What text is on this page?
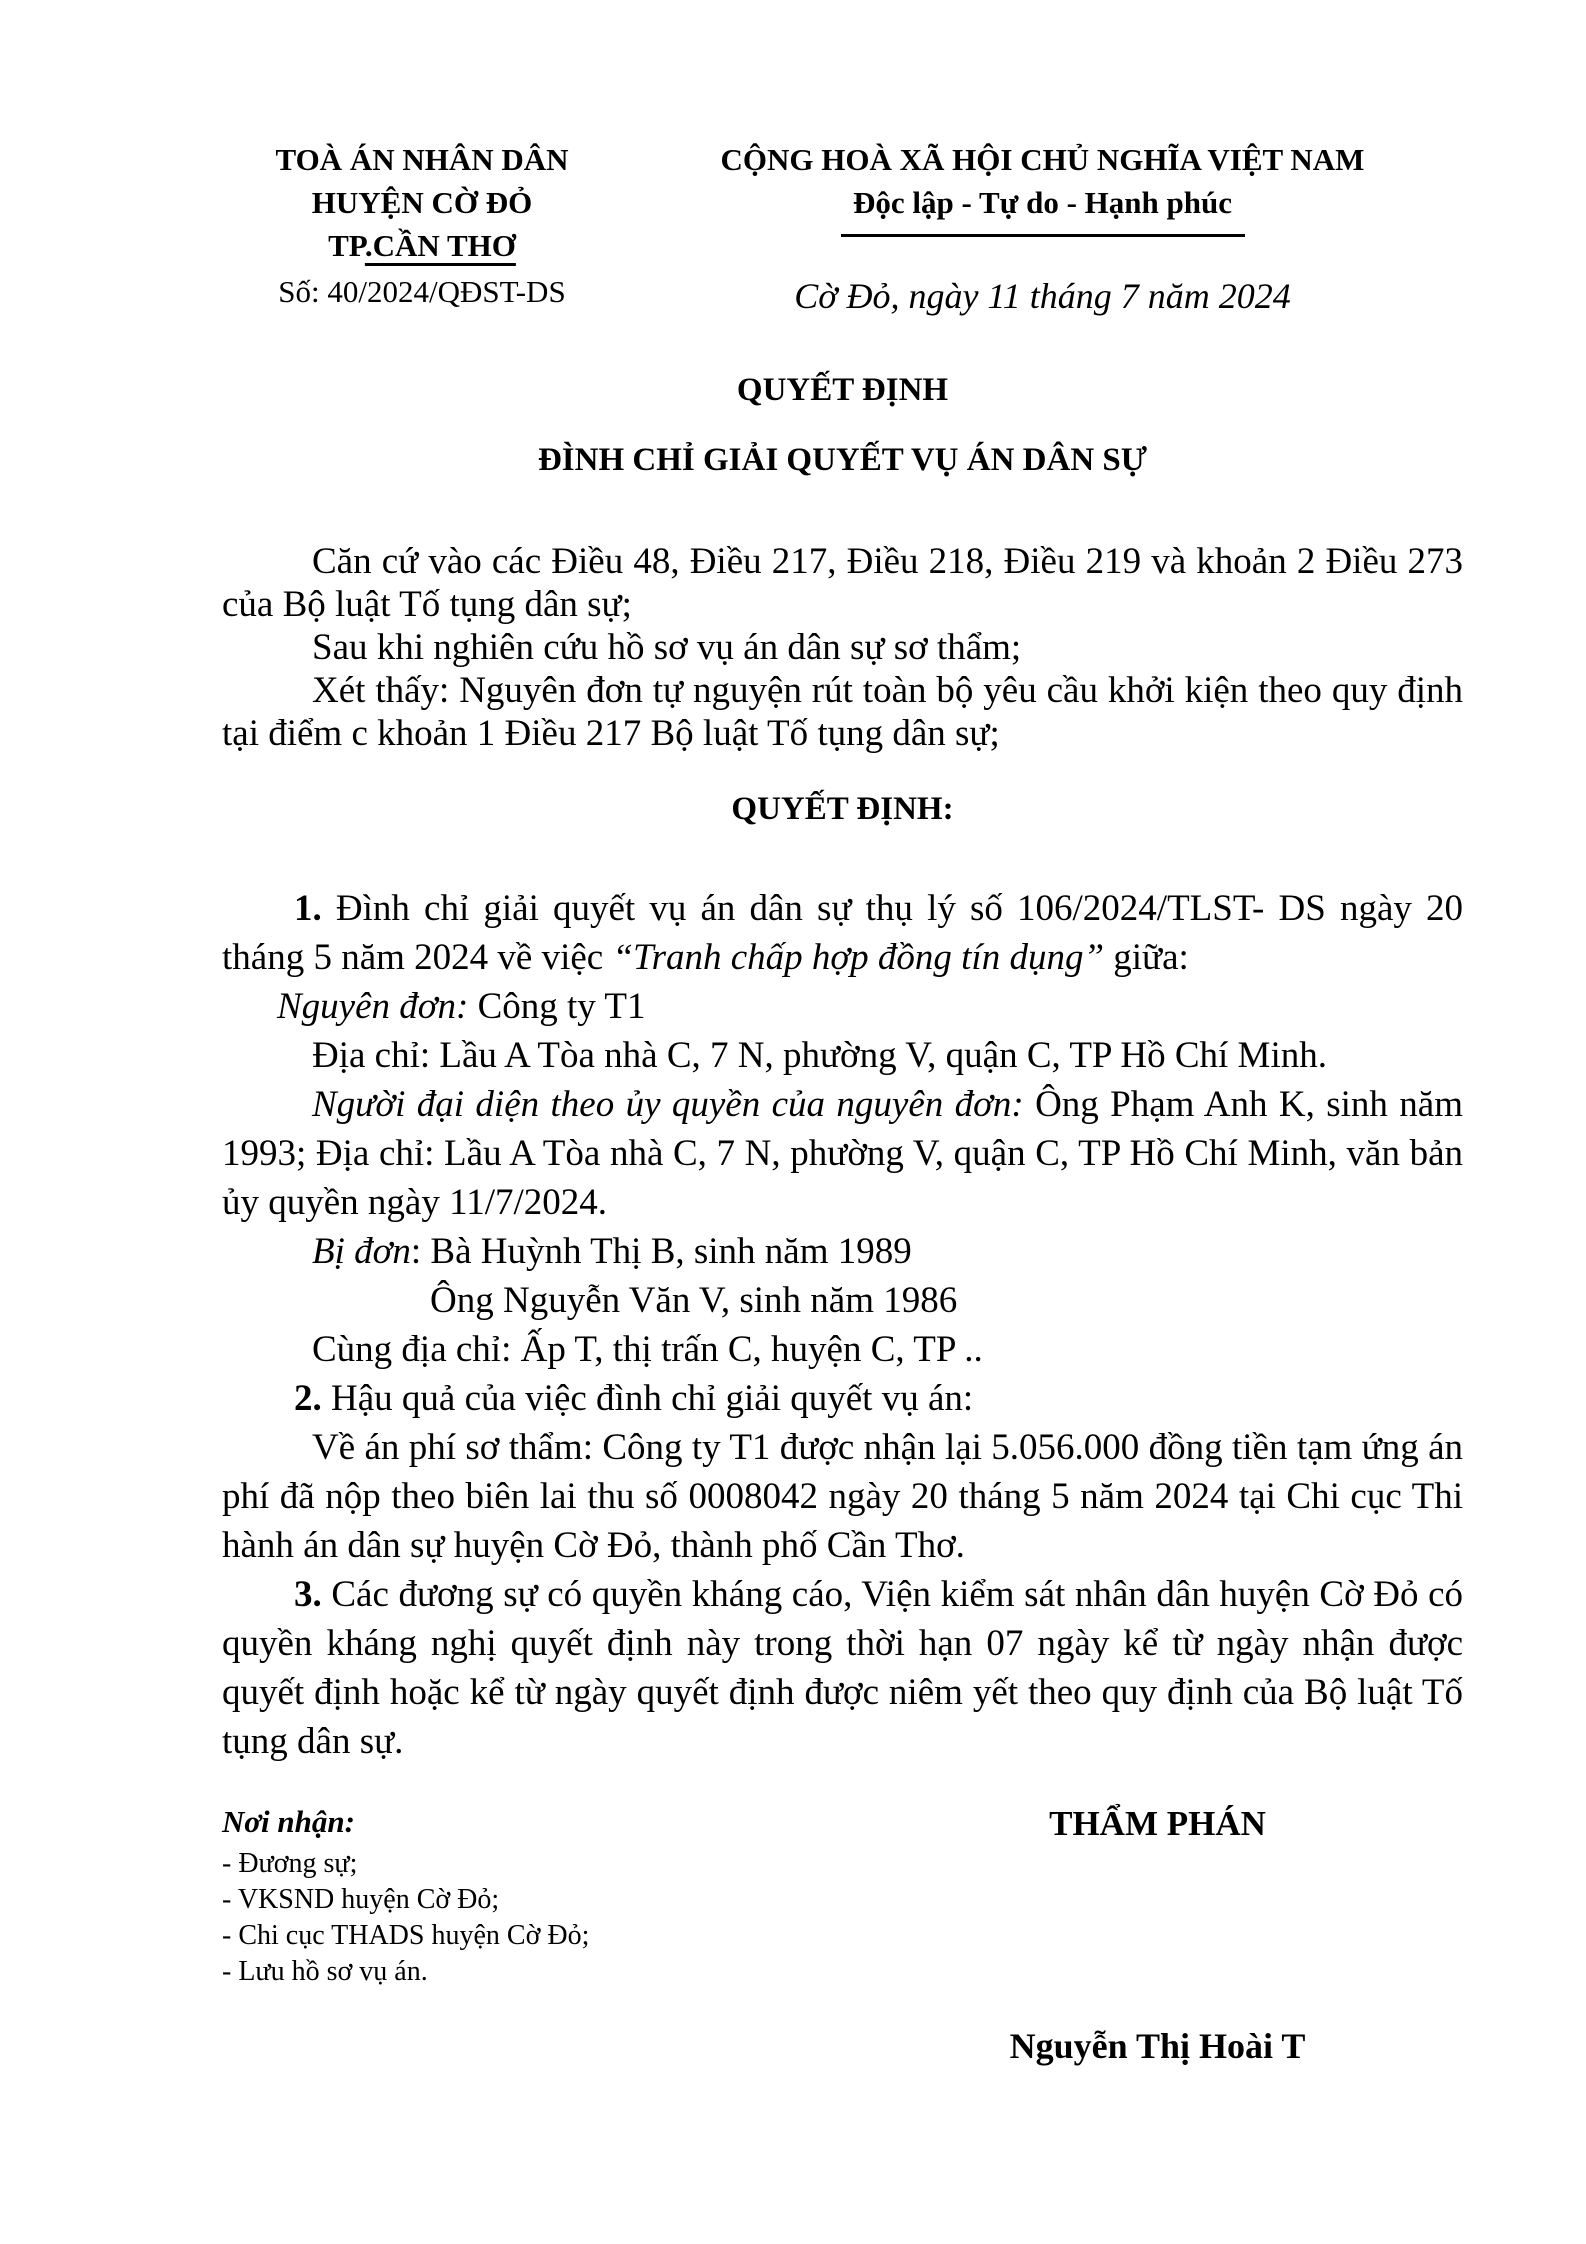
TOÀ ÁN NHÂN DÂN
HUYỆN CỜ ĐỎ
TP.CẦN THƠ
Số: 40/2024/QĐST-DS
CỘNG HOÀ XÃ HỘI CHỦ NGHĨA VIỆT NAM
Độc lập - Tự do - Hạnh phúc
Cờ Đỏ, ngày 11 tháng 7 năm 2024
QUYẾT ĐỊNH
ĐÌNH CHỈ GIẢI QUYẾT VỤ ÁN DÂN SỰ

Căn cứ vào các Điều 48, Điều 217, Điều 218, Điều 219 và khoản 2 Điều 273 của Bộ luật Tố tụng dân sự;

Sau khi nghiên cứu hồ sơ vụ án dân sự sơ thẩm;

Xét thấy: Nguyên đơn tự nguyện rút toàn bộ yêu cầu khởi kiện theo quy định tại điểm c khoản 1 Điều 217 Bộ luật Tố tụng dân sự;

QUYẾT ĐỊNH:

1. Đình chỉ giải quyết vụ án dân sự thụ lý số 106/2024/TLST- DS ngày 20 tháng 5 năm 2024 về việc “Tranh chấp hợp đồng tín dụng” giữa:

Nguyên đơn: Công ty T1

Địa chỉ: Lầu A Tòa nhà C, 7 N, phường V, quận C, TP Hồ Chí Minh.

Người đại diện theo ủy quyền của nguyên đơn: Ông Phạm Anh K, sinh năm 1993; Địa chỉ: Lầu A Tòa nhà C, 7 N, phường V, quận C, TP Hồ Chí Minh, văn bản ủy quyền ngày 11/7/2024.

Bị đơn: Bà Huỳnh Thị B, sinh năm 1989

Ông Nguyễn Văn V, sinh năm 1986

Cùng địa chỉ: Ấp T, thị trấn C, huyện C, TP ..

2. Hậu quả của việc đình chỉ giải quyết vụ án:

Về án phí sơ thẩm: Công ty T1 được nhận lại 5.056.000 đồng tiền tạm ứng án phí đã nộp theo biên lai thu số 0008042 ngày 20 tháng 5 năm 2024 tại Chi cục Thi hành án dân sự huyện Cờ Đỏ, thành phố Cần Thơ.

3. Các đương sự có quyền kháng cáo, Viện kiểm sát nhân dân huyện Cờ Đỏ có quyền kháng nghị quyết định này trong thời hạn 07 ngày kể từ ngày nhận được quyết định hoặc kể từ ngày quyết định được niêm yết theo quy định của Bộ luật Tố tụng dân sự.

Nơi nhận:

- Đương sự;
- VKSND huyện Cờ Đỏ;
- Chi cục THADS huyện Cờ Đỏ;
- Lưu hồ sơ vụ án.

THẨM PHÁN

Nguyễn Thị Hoài T
